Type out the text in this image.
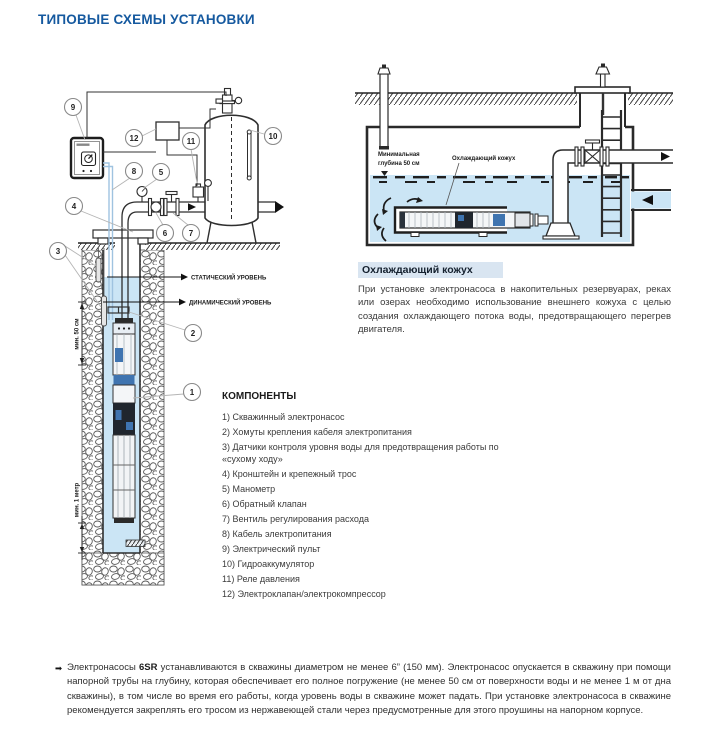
ТИПОВЫЕ СХЕМЫ УСТАНОВКИ
СТАТИЧЕСКИЙ УРОВЕНЬ
ДИНАМИЧЕСКИЙ УРОВЕНЬ
мин. 50 см
мин. 1 метр
1
2
3
4
5
6	7
8
9
10
11
12
Минимальная
глубина 50 см
Охлаждающий кожух
Охлаждающий кожух
При установке электронасоса в накопительных резервуарах, реках или озерах необходимо использование внешнего кожуха с целью создания охлаждающего потока воды, предотвращающего перегрев двигателя.
КОМПОНЕНТЫ
1) Скважинный электронасос
2) Хомуты крепления кабеля электропитания
3) Датчики контроля уровня воды для предотвращения работы по «сухому ходу»
4) Кронштейн и крепежный трос
5) Манометр
6) Обратный клапан
7) Вентиль регулирования расхода
8) Кабель электропитания
9) Электрический пульт
10) Гидроаккумулятор
11) Реле давления
12) Электроклапан/электрокомпрессор
➡ Электронасосы 6SR устанавливаются в скважины диаметром не менее 6” (150 мм). Электронасос опускается в скважину при помощи напорной трубы на глубину, которая обеспечивает его полное погружение (не менее 50 см от поверхности воды и не менее 1 м от дна скважины), в том числе во время его работы, когда уровень воды в скважине может падать. При установке электронасоса в скважине рекомендуется закреплять его тросом из нержавеющей стали через предусмотренные для этого проушины на напорном корпусе.
